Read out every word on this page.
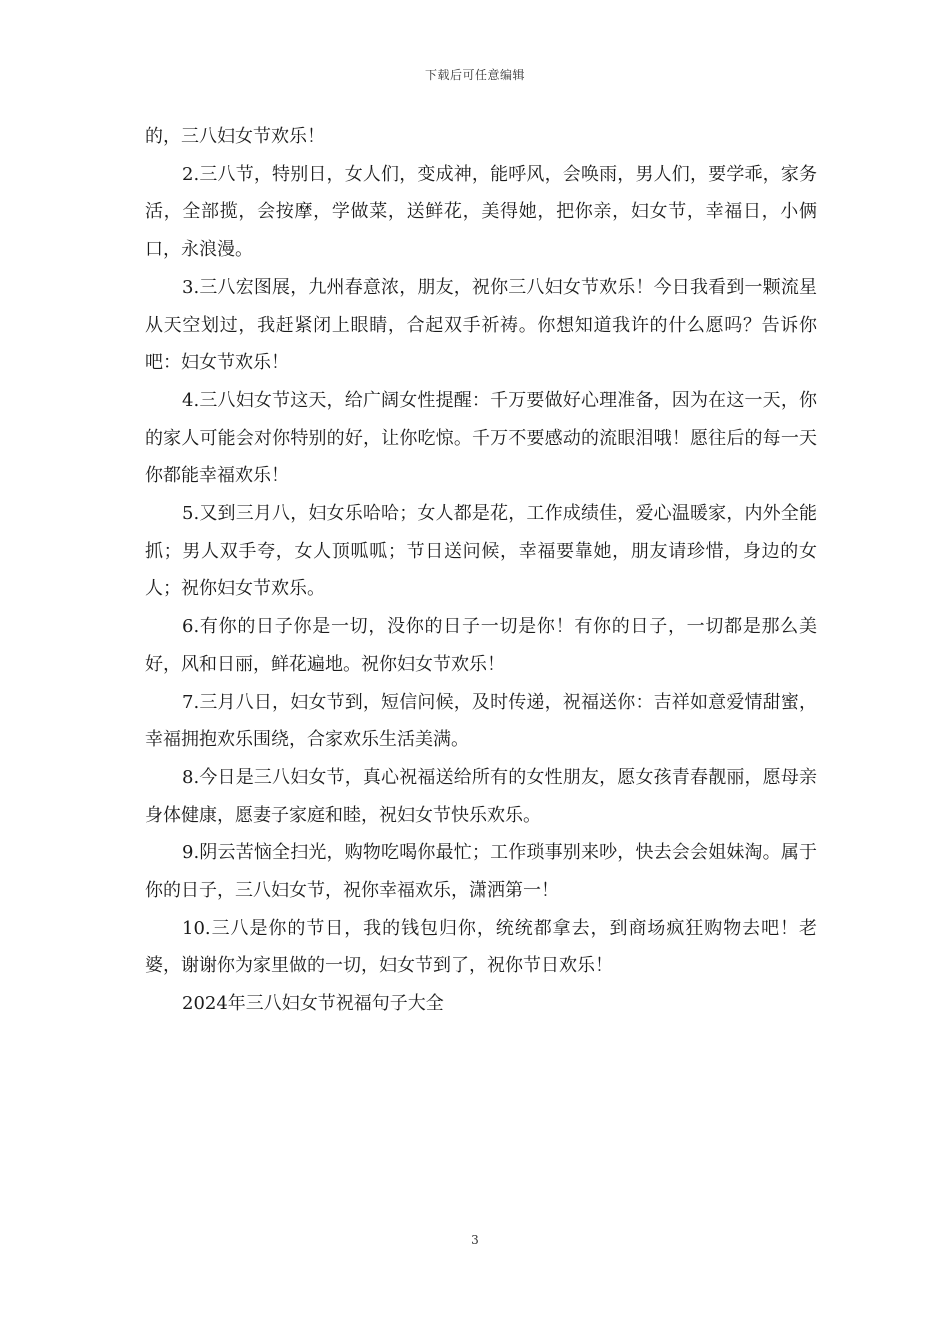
下载后可任意编辑

的，三八妇女节欢乐！

2.三八节，特别日，女人们，变成神，能呼风，会唤雨，男人们，要学乖，家务活，全部揽，会按摩，学做菜，送鲜花，美得她，把你亲，妇女节，幸福日，小俩口，永浪漫。

3.三八宏图展，九州春意浓，朋友，祝你三八妇女节欢乐！今日我看到一颗流星从天空划过，我赶紧闭上眼睛，合起双手祈祷。你想知道我许的什么愿吗？告诉你吧：妇女节欢乐！

4.三八妇女节这天，给广阔女性提醒：千万要做好心理准备，因为在这一天，你的家人可能会对你特别的好，让你吃惊。千万不要感动的流眼泪哦！愿往后的每一天你都能幸福欢乐！

5.又到三月八，妇女乐哈哈；女人都是花，工作成绩佳，爱心温暖家，内外全能抓；男人双手夸，女人顶呱呱；节日送问候，幸福要靠她，朋友请珍惜，身边的女人；祝你妇女节欢乐。

6.有你的日子你是一切，没你的日子一切是你！有你的日子，一切都是那么美好，风和日丽，鲜花遍地。祝你妇女节欢乐！

7.三月八日，妇女节到，短信问候，及时传递，祝福送你：吉祥如意爱情甜蜜，幸福拥抱欢乐围绕，合家欢乐生活美满。

8.今日是三八妇女节，真心祝福送给所有的女性朋友，愿女孩青春靓丽，愿母亲身体健康，愿妻子家庭和睦，祝妇女节快乐欢乐。

9.阴云苦恼全扫光，购物吃喝你最忙；工作琐事别来吵，快去会会姐妹淘。属于你的日子，三八妇女节，祝你幸福欢乐，潇洒第一！

10.三八是你的节日，我的钱包归你，统统都拿去，到商场疯狂购物去吧！老婆，谢谢你为家里做的一切，妇女节到了，祝你节日欢乐！

2024年三八妇女节祝福句子大全

3
